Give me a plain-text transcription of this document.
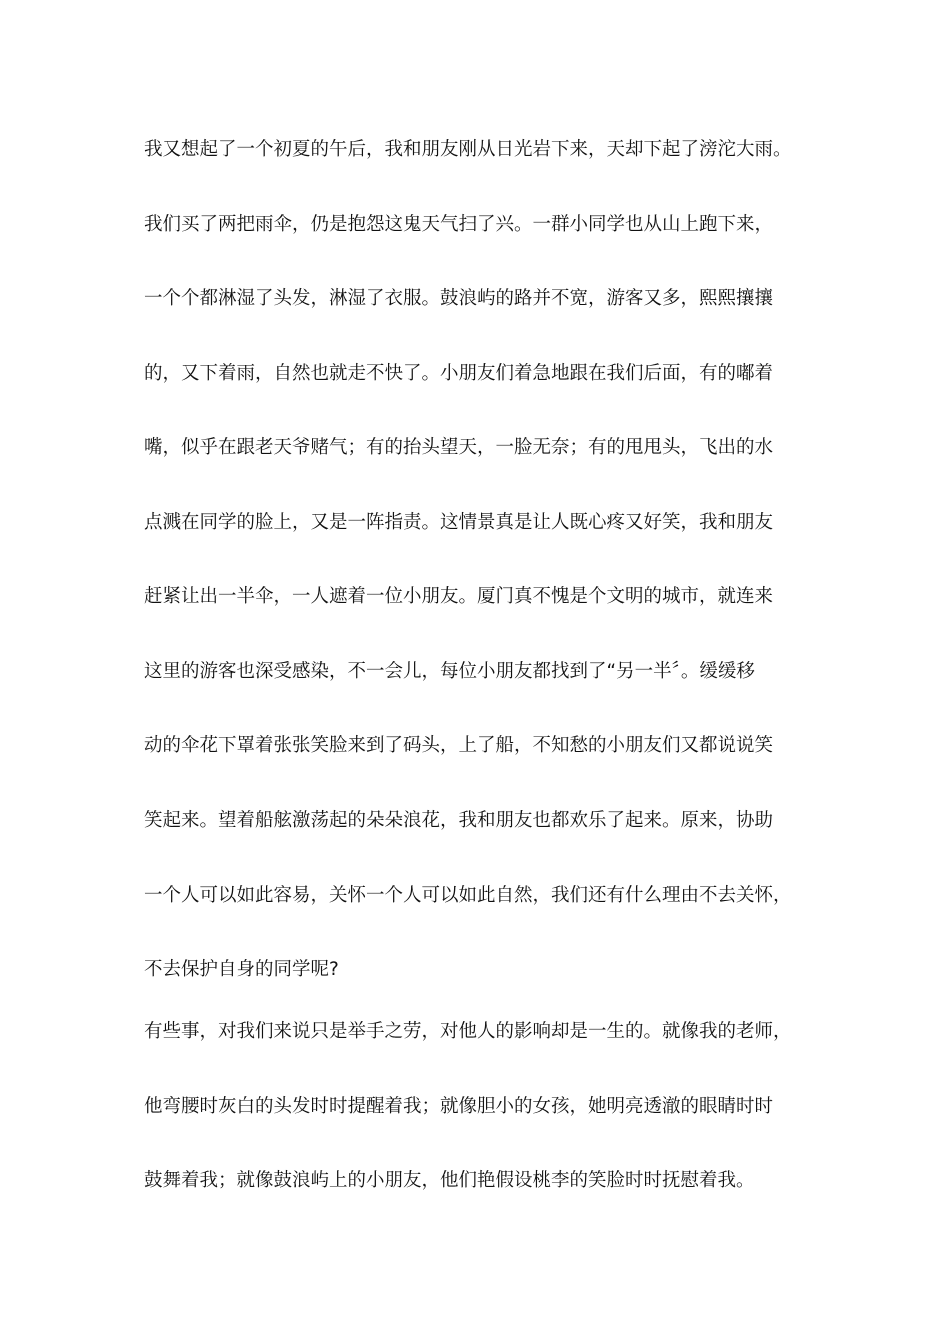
我又想起了一个初夏的午后，我和朋友刚从日光岩下来，天却下起了滂沱大雨。

我们买了两把雨伞，仍是抱怨这鬼天气扫了兴。一群小同学也从山上跑下来，

一个个都淋湿了头发，淋湿了衣服。鼓浪屿的路并不宽，游客又多，熙熙攘攘

的，又下着雨，自然也就走不快了。小朋友们着急地跟在我们后面，有的嘟着

嘴，似乎在跟老天爷赌气；有的抬头望天，一脸无奈；有的甩甩头，飞出的水

点溅在同学的脸上，又是一阵指责。这情景真是让人既心疼又好笑，我和朋友

赶紧让出一半伞，一人遮着一位小朋友。厦门真不愧是个文明的城市，就连来

这里的游客也深受感染，不一会儿，每位小朋友都找到了“另一半〞。缓缓移

动的伞花下罩着张张笑脸来到了码头，上了船，不知愁的小朋友们又都说说笑

笑起来。望着船舷激荡起的朵朵浪花，我和朋友也都欢乐了起来。原来，协助

一个人可以如此容易，关怀一个人可以如此自然，我们还有什么理由不去关怀，

不去保护自身的同学呢?

有些事，对我们来说只是举手之劳，对他人的影响却是一生的。就像我的老师，

他弯腰时灰白的头发时时提醒着我；就像胆小的女孩，她明亮透澈的眼睛时时

鼓舞着我；就像鼓浪屿上的小朋友，他们艳假设桃李的笑脸时时抚慰着我。
